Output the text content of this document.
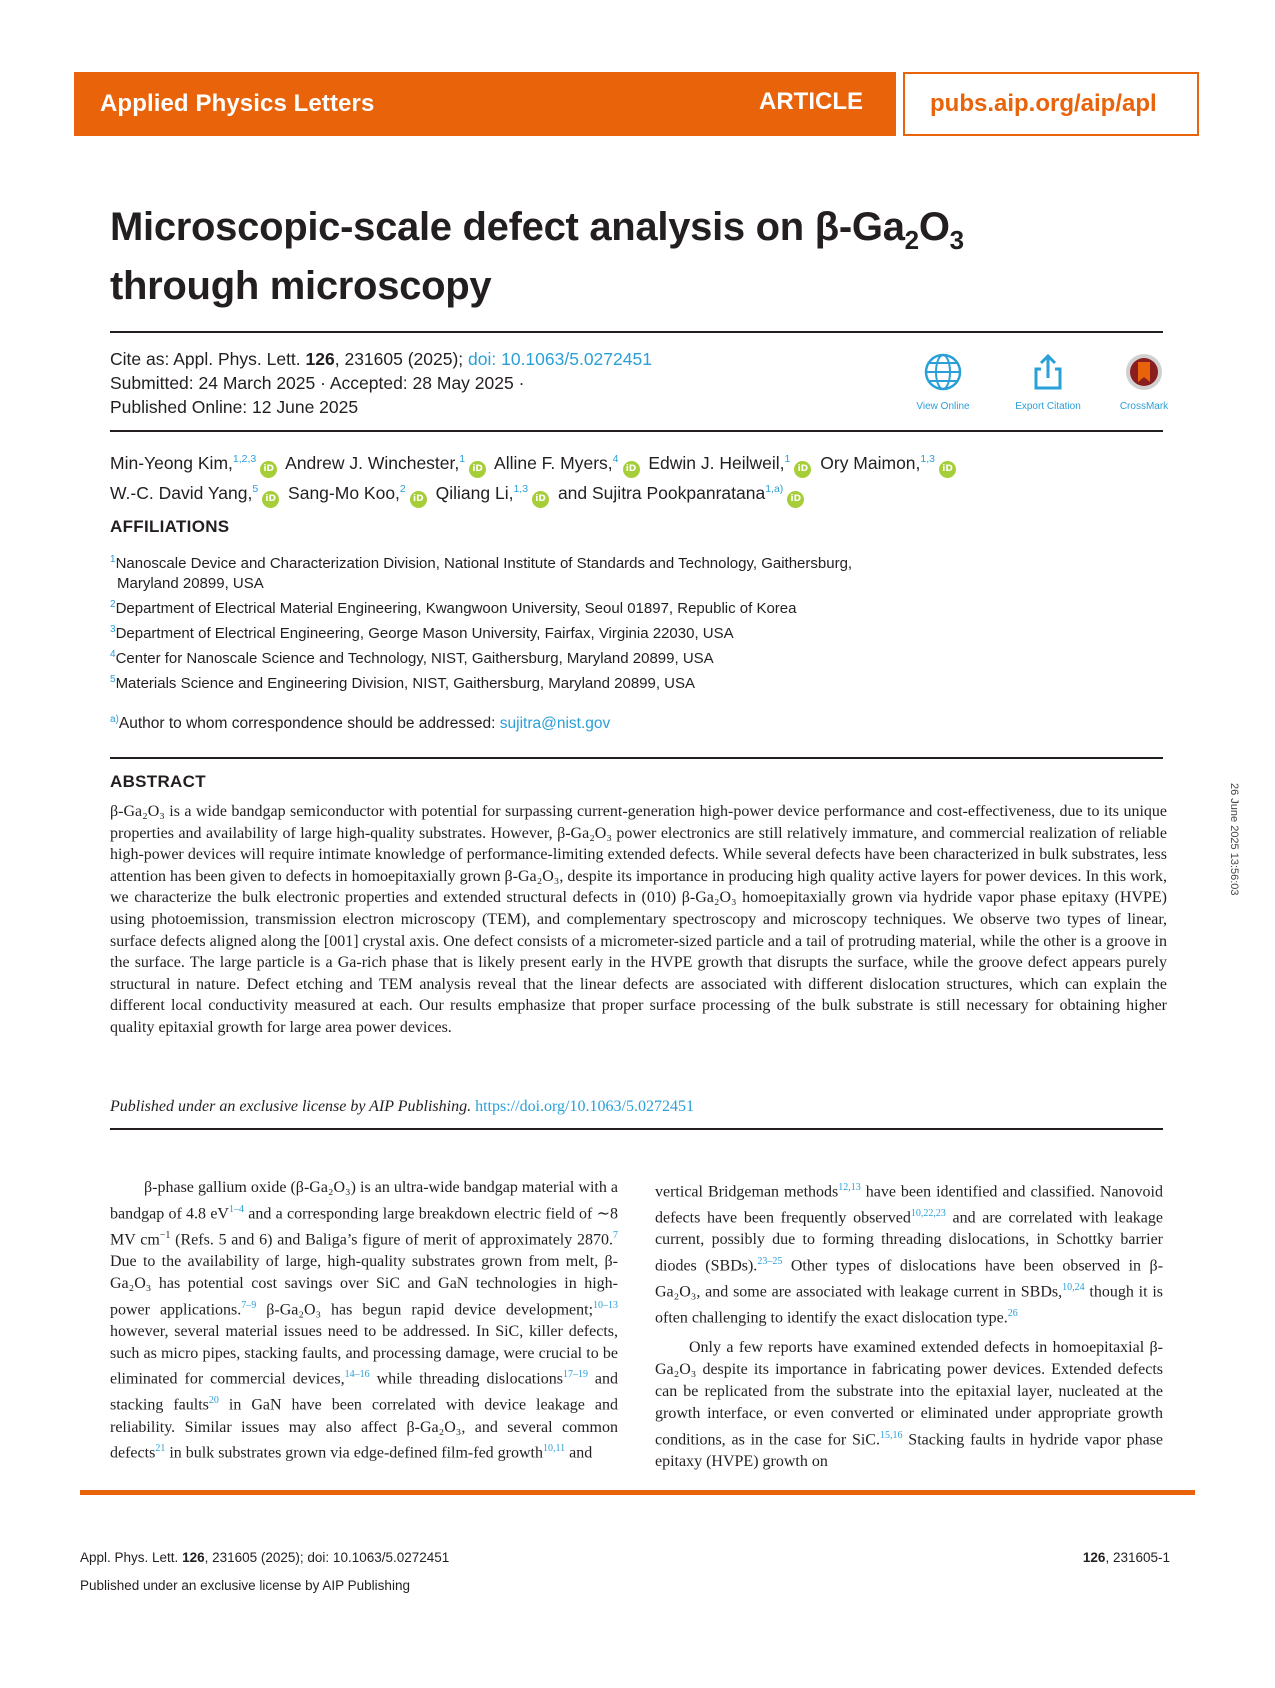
Applied Physics Letters	ARTICLE	pubs.aip.org/aip/apl
Microscopic-scale defect analysis on $\beta-Ga_2O_3$
through microscopy
Cite as: Appl. Phys. Lett. 126, 231605 (2025); doi: 10.1063/5.0272451
Submitted: 24 March 2025 · Accepted: 28 May 2025 ·
Published Online: 12 June 2025	View Online	Export Citation	CrossMark
Min-Yeong Kim,$^{1,2,3}$iD Andrew J. Winchester,$^1$iD Alline F. Myers,$^4$iD Edwin J. Heilweil,$^1$iD Ory Maimon,$^{1,3}$iD
W.-C. David Yang,$^5$iD Sang-Mo Koo,$^2$iD Qiliang Li,$^{1,3}$iD and Sujitra Pookpanratana$^{1,a)}$iD
AFFILIATIONS
$^1$Nanoscale Device and Characterization Division, National Institute of Standards and Technology, Gaithersburg,
Maryland 20899, USA
$^2$Department of Electrical Material Engineering, Kwangwoon University, Seoul 01897, Republic of Korea
$^3$Department of Electrical Engineering, George Mason University, Fairfax, Virginia 22030, USA
$^4$Center for Nanoscale Science and Technology, NIST, Gaithersburg, Maryland 20899, USA
$^5$Materials Science and Engineering Division, NIST, Gaithersburg, Maryland 20899, USA
$^{a)}$Author to whom correspondence should be addressed: sujitra@nist.gov
ABSTRACT
β-Ga₂O₃ is a wide bandgap semiconductor with potential for surpassing current-generation high-power device performance and cost-effectiveness, due to its unique properties and availability of large high-quality substrates. However, β-Ga₂O₃ power electronics are still relatively immature, and commercial realization of reliable high-power devices will require intimate knowledge of performance-limiting extended defects. While several defects have been characterized in bulk substrates, less attention has been given to defects in homoepitaxially grown β-Ga₂O₃, despite its importance in producing high quality active layers for power devices. In this work, we characterize the bulk electronic properties and extended structural defects in (010) β-Ga₂O₃ homoepitaxially grown via hydride vapor phase epitaxy (HVPE) using photoemission, transmission electron microscopy (TEM), and complementary spectroscopy and microscopy techniques. We observe two types of linear, surface defects aligned along the [001] crystal axis. One defect consists of a micrometer-sized particle and a tail of protruding material, while the other is a groove in the surface. The large particle is a Ga-rich phase that is likely present early in the HVPE growth that disrupts the surface, while the groove defect appears purely structural in nature. Defect etching and TEM analysis reveal that the linear defects are associated with different dislocation structures, which can explain the different local conductivity measured at each. Our results emphasize that proper surface processing of the bulk substrate is still necessary for obtaining higher quality epitaxial growth for large area power devices.
Published under an exclusive license by AIP Publishing. https://doi.org/10.1063/5.0272451

β-phase gallium oxide (β-Ga₂O₃) is an ultra-wide bandgap material with a bandgap of 4.8 $eV^{1-4}$ and a corresponding large breakdown electric field of ∼8 MV $cm^{-1}$ (Refs. 5 and 6) and Baliga’s figure of merit of approximately 2870.$^7$ Due to the availability of large, high-quality substrates grown from melt, β-Ga₂O₃ has potential cost savings over SiC and GaN technologies in high-power applications.$^{7-9}$ β-Ga₂O₃ has begun rapid device development;$^{10-13}$ however, several material issues need to be addressed. In SiC, killer defects, such as micro pipes, stacking faults, and processing damage, were crucial to be eliminated for commercial devices,$^{14-16}$ while threading dislocations$^{17-19}$ and stacking faults$^{20}$ in GaN have been correlated with device leakage and reliability. Similar issues may also affect β-Ga₂O₃, and several common defects$^{21}$ in bulk substrates grown via edge-defined film-fed growth$^{10,11}$ and

vertical Bridgeman methods$^{12,13}$ have been identified and classified. Nanovoid defects have been frequently observed$^{10,22,23}$ and are correlated with leakage current, possibly due to forming threading dislocations, in Schottky barrier diodes (SBDs).$^{23-25}$ Other types of dislocations have been observed in β-Ga₂O₃, and some are associated with leakage current in SBDs,$^{10,24}$ though it is often challenging to identify the exact dislocation type.$^{26}$

Only a few reports have examined extended defects in homoepitaxial β-Ga₂O₃ despite its importance in fabricating power devices. Extended defects can be replicated from the substrate into the epitaxial layer, nucleated at the growth interface, or even converted or eliminated under appropriate growth conditions, as in the case for SiC.$^{15,16}$ Stacking faults in hydride vapor phase epitaxy (HVPE) growth on

26 June 2025 13:56:03
Appl. Phys. Lett. 126, 231605 (2025); doi: 10.1063/5.0272451
Published under an exclusive license by AIP Publishing
126, 231605-1
